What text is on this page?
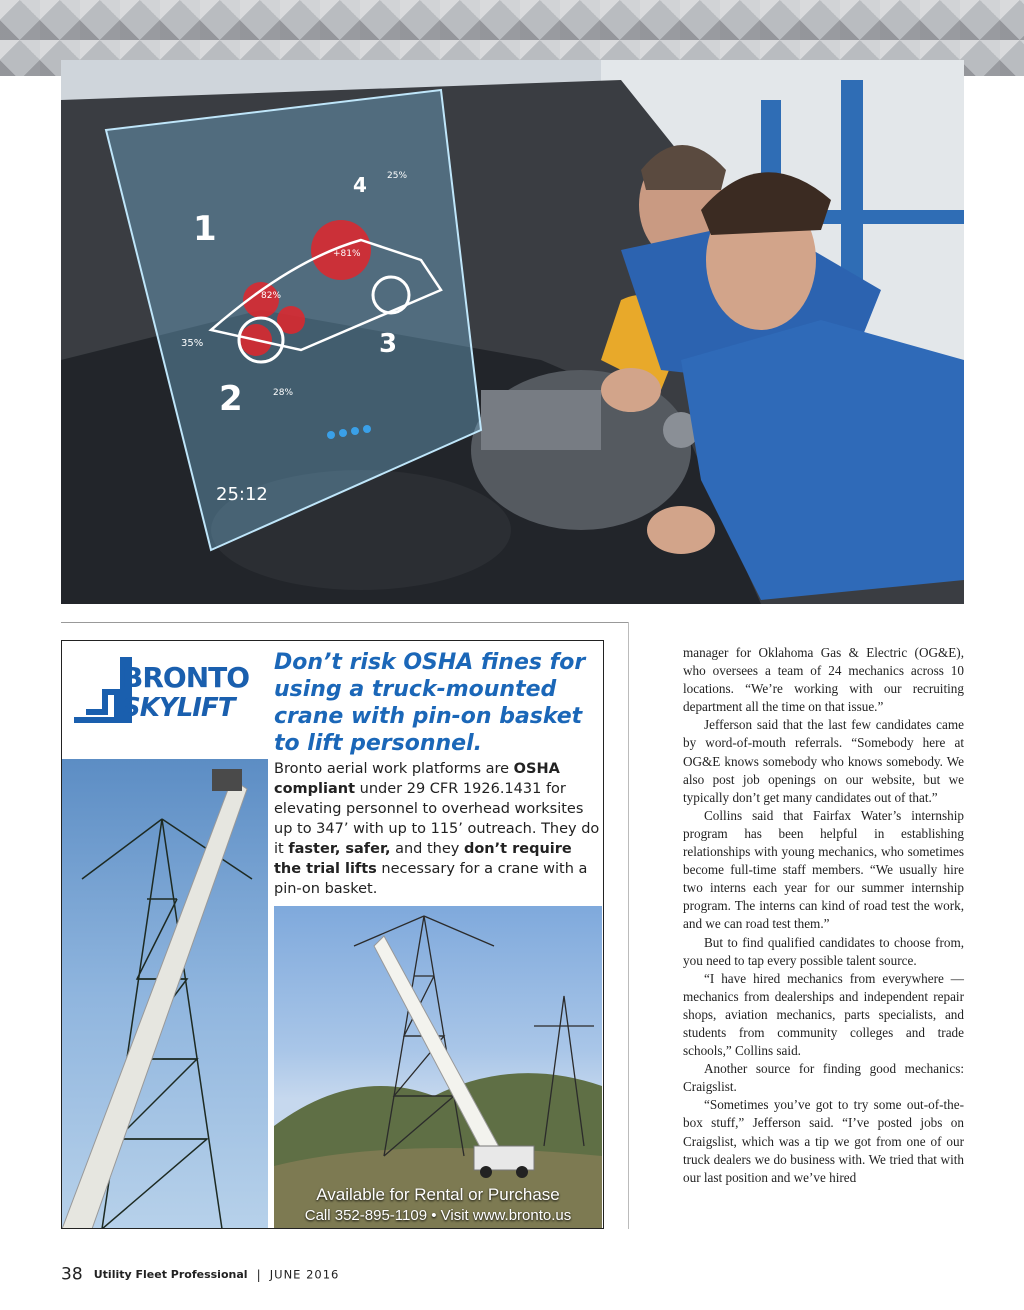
1
2
3
4
+81%
82%
35%
28%
25%
25:12
BRONTO
SKYLIFT
Don’t risk OSHA fines for using a truck-mounted crane with pin-on basket to lift personnel.
Bronto aerial work platforms are OSHA compliant under 29 CFR 1926.1431 for elevating personnel to overhead worksites up to 347’ with up to 115’ outreach. They do it faster, safer, and they don’t require the trial lifts necessary for a crane with a pin-on basket.
Available for Rental or Purchase
Call 352-895-1109 • Visit www.bronto.us

manager for Oklahoma Gas & Electric (OG&E), who oversees a team of 24 mechanics across 10 locations. “We’re working with our recruiting department all the time on that issue.”

Jefferson said that the last few candidates came by word-of-mouth referrals. “Somebody here at OG&E knows somebody who knows somebody. We also post job openings on our website, but we typically don’t get many candidates out of that.”

Collins said that Fairfax Water’s internship program has been helpful in establishing relationships with young mechanics, who sometimes become full-time staff members. “We usually hire two interns each year for our summer internship program. The interns can kind of road test the work, and we can road test them.”

But to find qualified candidates to choose from, you need to tap every possible talent source.

“I have hired mechanics from everywhere — mechanics from dealerships and independent repair shops, aviation mechanics, parts specialists, and students from community colleges and trade schools,” Collins said.

Another source for finding good mechanics: Craigslist.

“Sometimes you’ve got to try some out-of-the-box stuff,” Jefferson said. “I’ve posted jobs on Craigslist, which was a tip we got from one of our truck dealers we do business with. We tried that with our last position and we’ve hired

38 Utility Fleet Professional | JUNE 2016
